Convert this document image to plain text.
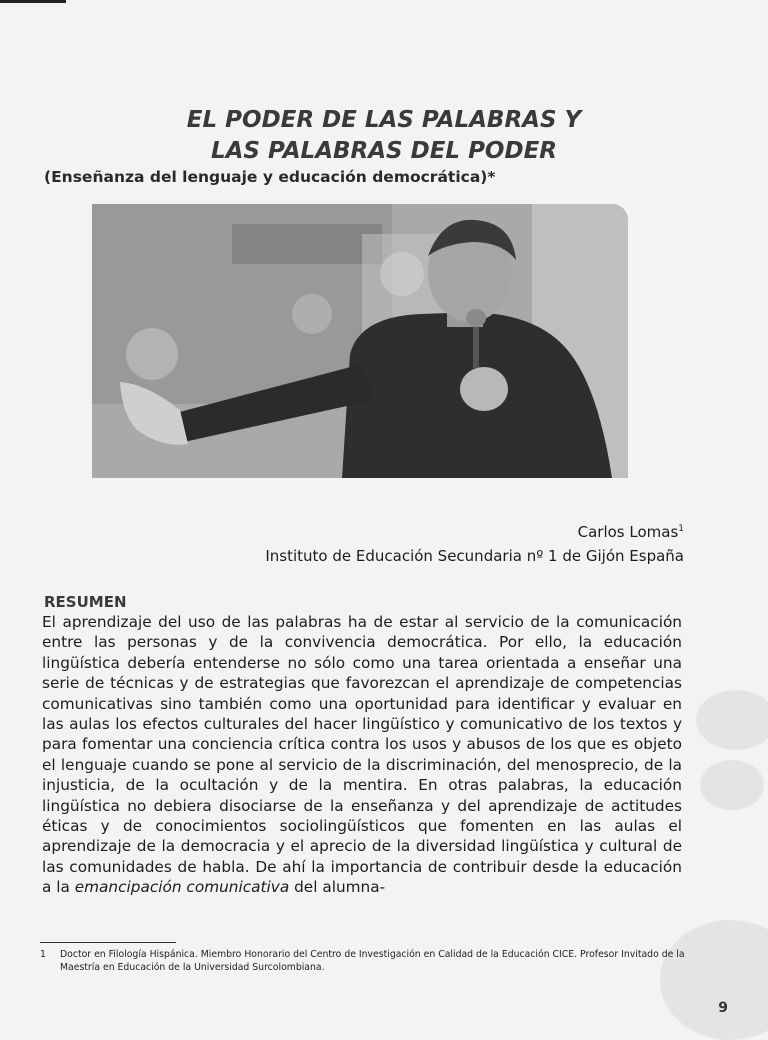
EL PODER DE LAS PALABRAS Y
LAS PALABRAS DEL PODER
(Enseñanza del lenguaje y educación democrática)*
Carlos Lomas$^1$
Instituto de Educación Secundaria nº 1 de Gijón España
RESUMEN

El aprendizaje del uso de las palabras ha de estar al servicio de la comunicación entre las personas y de la convivencia democrática. Por ello, la educación lingüística debería entenderse no sólo como una tarea orientada a enseñar una serie de técnicas y de estrategias que favorezcan el aprendizaje de competencias comunicativas sino también como una oportunidad para identificar y evaluar en las aulas los efectos culturales del hacer lingüístico y comunicativo de los textos y para fomentar una conciencia crítica contra los usos y abusos de los que es objeto el lenguaje cuando se pone al servicio de la discriminación, del menosprecio, de la injusticia, de la ocultación y de la mentira. En otras palabras, la educación lingüística no debiera disociarse de la enseñanza y del aprendizaje de actitudes éticas y de conocimientos sociolingüísticos que fomenten en las aulas el aprendizaje de la democracia y el aprecio de la diversidad lingüística y cultural de las comunidades de habla. De ahí la importancia de contribuir desde la educación a la emancipación comunicativa del alumna-

1 Doctor en Filología Hispánica. Miembro Honorario del Centro de Investigación en Calidad de la Educación CICE. Profesor Invitado de la Maestría en Educación de la Universidad Surcolombiana.
9
